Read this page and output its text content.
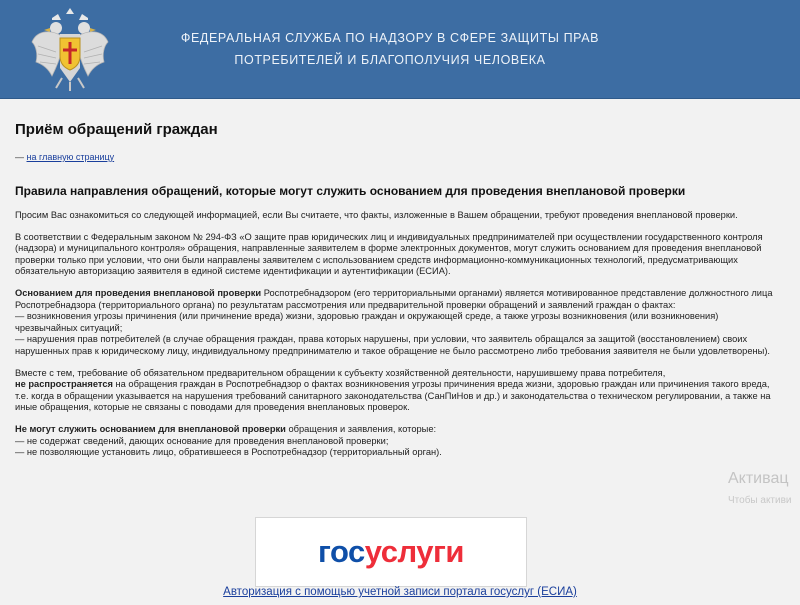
ФЕДЕРАЛЬНАЯ СЛУЖБА ПО НАДЗОРУ В СФЕРЕ ЗАЩИТЫ ПРАВ
ПОТРЕБИТЕЛЕЙ И БЛАГОПОЛУЧИЯ ЧЕЛОВЕКА
Приём обращений граждан
— на главную страницу
Правила направления обращений, которые могут служить основанием для проведения внеплановой проверки

Просим Вас ознакомиться со следующей информацией, если Вы считаете, что факты, изложенные в Вашем обращении, требуют проведения внеплановой проверки.

В соответствии с Федеральным законом № 294-ФЗ «О защите прав юридических лиц и индивидуальных предпринимателей при осуществлении государственного контроля (надзора) и муниципального контроля» обращения, направленные заявителем в форме электронных документов, могут служить основанием для проведения внеплановой проверки только при условии, что они были направлены заявителем с использованием средств информационно-коммуникационных технологий, предусматривающих обязательную авторизацию заявителя в единой системе идентификации и аутентификации (ЕСИА).

Основанием для проведения внеплановой проверки Роспотребнадзором (его территориальными органами) является мотивированное представление должностного лица Роспотребнадзора (территориального органа) по результатам рассмотрения или предварительной проверки обращений и заявлений граждан о фактах:
— возникновения угрозы причинения (или причинение вреда) жизни, здоровью граждан и окружающей среде, а также угрозы возникновения (или возникновения) чрезвычайных ситуаций;
— нарушения прав потребителей (в случае обращения граждан, права которых нарушены, при условии, что заявитель обращался за защитой (восстановлением) своих нарушенных прав к юридическому лицу, индивидуальному предпринимателю и такое обращение не было рассмотрено либо требования заявителя не были удовлетворены).

Вместе с тем, требование об обязательном предварительном обращении к субъекту хозяйственной деятельности, нарушившему права потребителя,
не распространяется на обращения граждан в Роспотребнадзор о фактах возникновения угрозы причинения вреда жизни, здоровью граждан или причинения такого вреда, т.е. когда в обращении указывается на нарушения требований санитарного законодательства (СанПиНов и др.) и законодательства о техническом регулировании, а также на иные обращения, которые не связаны с поводами для проведения внеплановых проверок.

Не могут служить основанием для внеплановой проверки обращения и заявления, которые:
— не содержат сведений, дающих основание для проведения внеплановой проверки;
— не позволяющие установить лицо, обратившееся в Роспотребнадзор (территориальный орган).

госуслуги
Авторизация с помощью учетной записи портала госуслуг (ЕСИА)
Активац
Чтобы активи
